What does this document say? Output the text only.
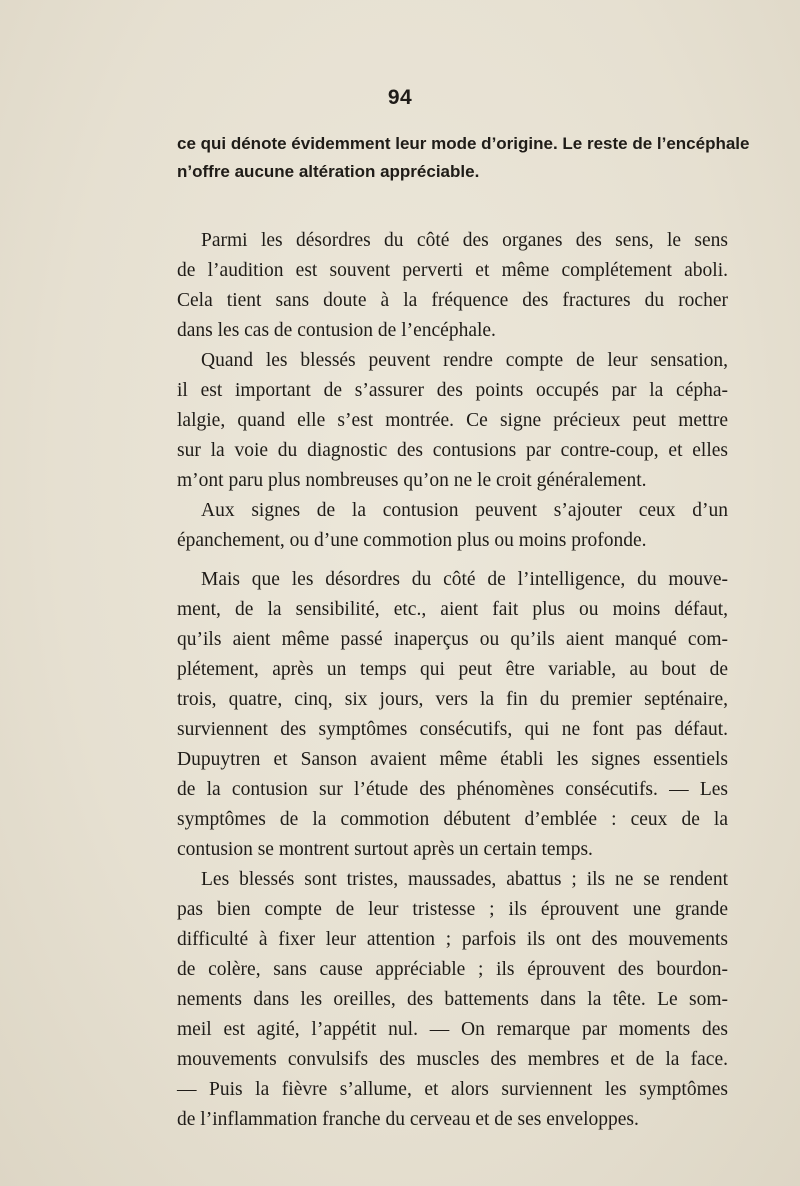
94
ce qui dénote évidemment leur mode d’origine. Le reste de l’encéphale
n’offre aucune altération appréciable.
Parmi les désordres du côté des organes des sens, le sens
de l’audition est souvent perverti et même complétement aboli.
Cela tient sans doute à la fréquence des fractures du rocher
dans les cas de contusion de l’encéphale.
Quand les blessés peuvent rendre compte de leur sensation,
il est important de s’assurer des points occupés par la cépha-
lalgie, quand elle s’est montrée. Ce signe précieux peut mettre
sur la voie du diagnostic des contusions par contre-coup, et elles
m’ont paru plus nombreuses qu’on ne le croit généralement.
Aux signes de la contusion peuvent s’ajouter ceux d’un
épanchement, ou d’une commotion plus ou moins profonde.
Mais que les désordres du côté de l’intelligence, du mouve-
ment, de la sensibilité, etc., aient fait plus ou moins défaut,
qu’ils aient même passé inaperçus ou qu’ils aient manqué com-
plétement, après un temps qui peut être variable, au bout de
trois, quatre, cinq, six jours, vers la fin du premier septénaire,
surviennent des symptômes consécutifs, qui ne font pas défaut.
Dupuytren et Sanson avaient même établi les signes essentiels
de la contusion sur l’étude des phénomènes consécutifs. — Les
symptômes de la commotion débutent d’emblée : ceux de la
contusion se montrent surtout après un certain temps.
Les blessés sont tristes, maussades, abattus ; ils ne se rendent
pas bien compte de leur tristesse ; ils éprouvent une grande
difficulté à fixer leur attention ; parfois ils ont des mouvements
de colère, sans cause appréciable ; ils éprouvent des bourdon-
nements dans les oreilles, des battements dans la tête. Le som-
meil est agité, l’appétit nul. — On remarque par moments des
mouvements convulsifs des muscles des membres et de la face.
— Puis la fièvre s’allume, et alors surviennent les symptômes
de l’inflammation franche du cerveau et de ses enveloppes.
